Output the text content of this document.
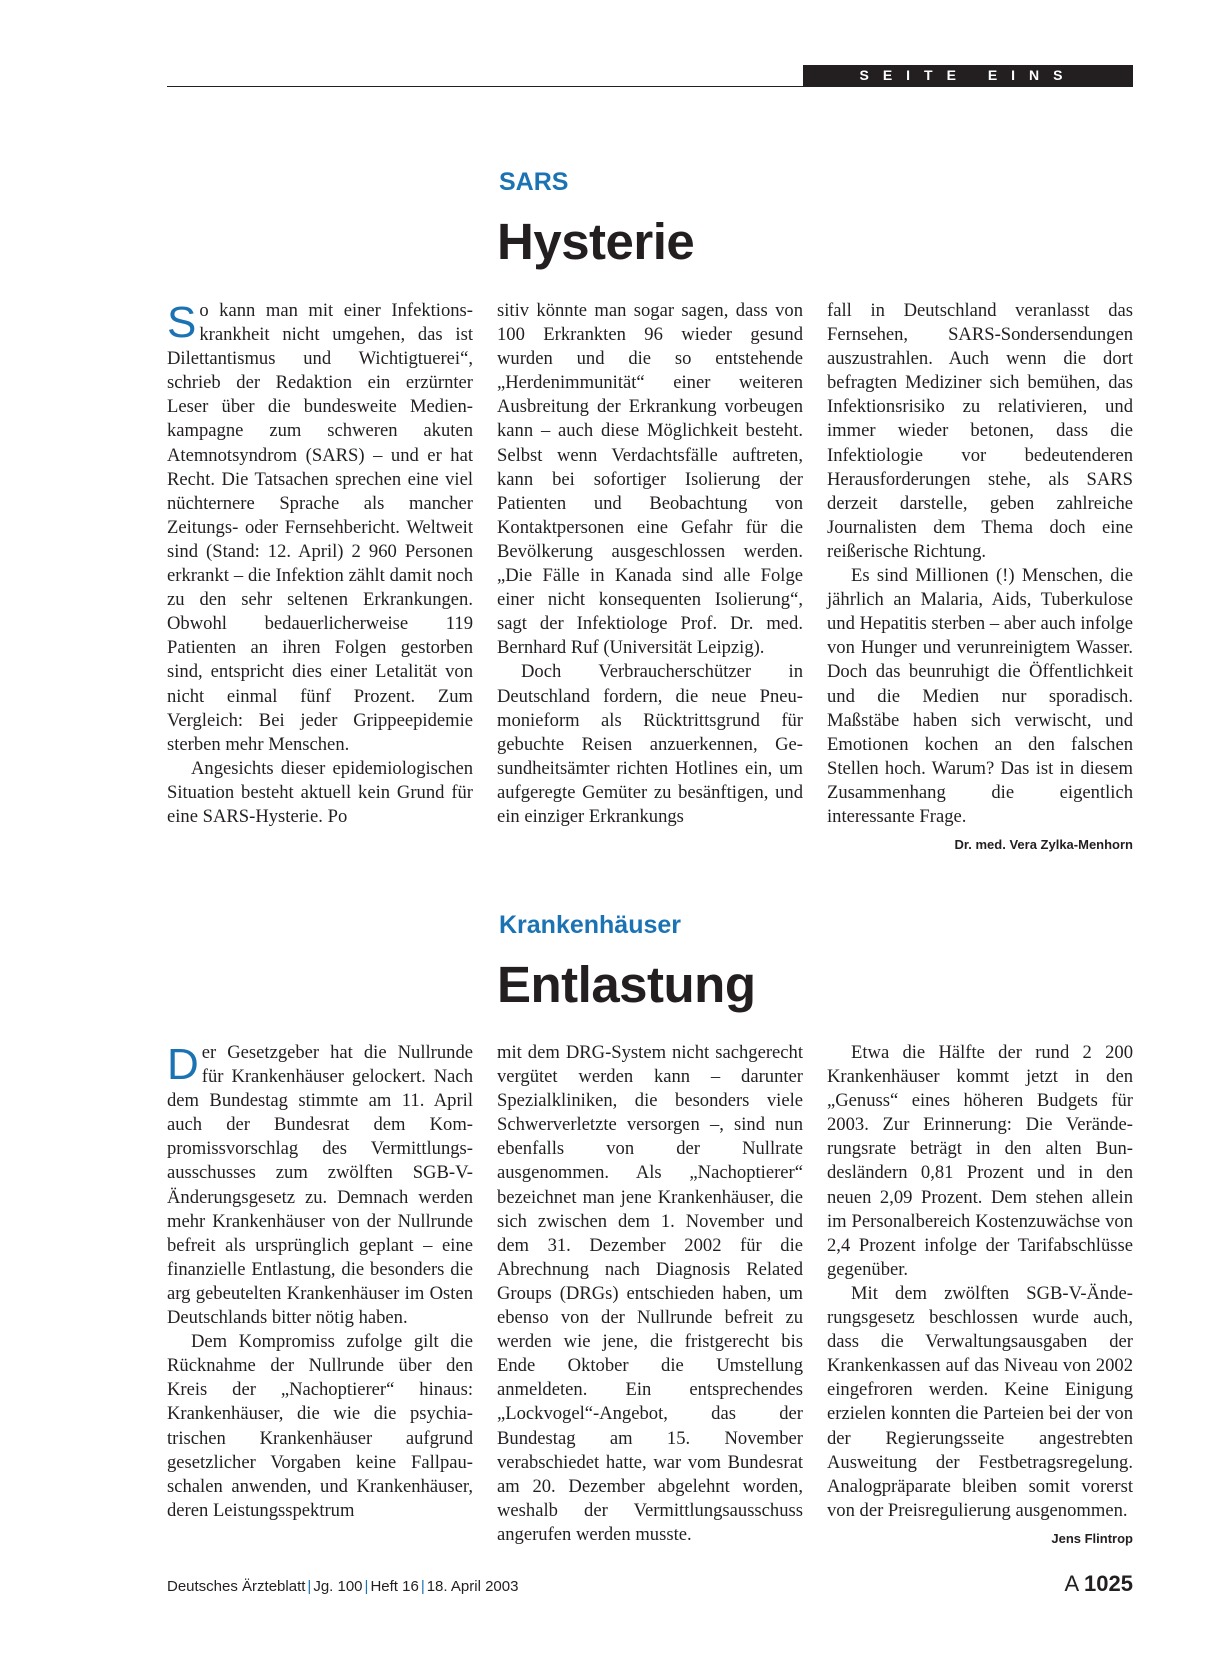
SEITE EINS
SARS
Hysterie

So kann man mit einer Infektionskrankheit nicht umgehen, das ist Dilettantismus und Wichtigtuerei“, schrieb der Redaktion ein erzürnter Leser über die bundesweite Medienkampagne zum schweren akuten Atemnotsyndrom (SARS) – und er hat Recht. Die Tatsachen sprechen eine viel nüchternere Sprache als mancher Zeitungs- oder Fernsehbericht. Weltweit sind (Stand: 12. April) 2 960 Personen erkrankt – die Infektion zählt damit noch zu den sehr seltenen Erkrankungen. Obwohl bedauerlicherweise 119 Patienten an ihren Folgen gestorben sind, entspricht dies einer Letalität von nicht einmal fünf Prozent. Zum Vergleich: Bei jeder Grippeepidemie sterben mehr Menschen.

Angesichts dieser epidemiologischen Situation besteht aktuell kein Grund für eine SARS-Hysterie. Po

sitiv könnte man sogar sagen, dass von 100 Erkrankten 96 wieder gesund wurden und die so entstehende „Herdenimmunität“ einer weiteren Ausbreitung der Erkrankung vorbeugen kann – auch diese Möglichkeit besteht. Selbst wenn Verdachtsfälle auftreten, kann bei sofortiger Isolierung der Patienten und Beobachtung von Kontaktpersonen eine Gefahr für die Bevölkerung ausgeschlossen werden. „Die Fälle in Kanada sind alle Folge einer nicht konsequenten Isolierung“, sagt der Infektiologe Prof. Dr. med. Bernhard Ruf (Universität Leipzig).

Doch Verbraucherschützer in Deutschland fordern, die neue Pneumonieform als Rücktrittsgrund für gebuchte Reisen anzuerkennen, Gesundheitsämter richten Hotlines ein, um aufgeregte Gemüter zu besänftigen, und ein einziger Erkrankungs

fall in Deutschland veranlasst das Fernsehen, SARS-Sondersendungen auszustrahlen. Auch wenn die dort befragten Mediziner sich bemühen, das Infektionsrisiko zu relativieren, und immer wieder betonen, dass die Infektiologie vor bedeutenderen Herausforderungen stehe, als SARS derzeit darstelle, geben zahlreiche Journalisten dem Thema doch eine reißerische Richtung.

Es sind Millionen (!) Menschen, die jährlich an Malaria, Aids, Tuberkulose und Hepatitis sterben – aber auch infolge von Hunger und verunreinigtem Wasser. Doch das beunruhigt die Öffentlichkeit und die Medien nur sporadisch. Maßstäbe haben sich verwischt, und Emotionen kochen an den falschen Stellen hoch. Warum? Das ist in diesem Zusammenhang die eigentlich interessante Frage.
Dr. med. Vera Zylka-Menhorn

Krankenhäuser
Entlastung

Der Gesetzgeber hat die Nullrunde für Krankenhäuser gelockert. Nach dem Bundestag stimmte am 11. April auch der Bundesrat dem Kompromissvorschlag des Vermittlungsausschusses zum zwölften SGB-V-Änderungsgesetz zu. Demnach werden mehr Krankenhäuser von der Nullrunde befreit als ursprünglich geplant – eine finanzielle Entlastung, die besonders die arg gebeutelten Krankenhäuser im Osten Deutschlands bitter nötig haben.

Dem Kompromiss zufolge gilt die Rücknahme der Nullrunde über den Kreis der „Nachoptierer“ hinaus: Krankenhäuser, die wie die psychiatrischen Krankenhäuser aufgrund gesetzlicher Vorgaben keine Fallpauschalen anwenden, und Krankenhäuser, deren Leistungsspektrum

mit dem DRG-System nicht sachgerecht vergütet werden kann – darunter Spezialkliniken, die besonders viele Schwerverletzte versorgen –, sind nun ebenfalls von der Nullrate ausgenommen. Als „Nachoptierer“ bezeichnet man jene Krankenhäuser, die sich zwischen dem 1. November und dem 31. Dezember 2002 für die Abrechnung nach Diagnosis Related Groups (DRGs) entschieden haben, um ebenso von der Nullrunde befreit zu werden wie jene, die fristgerecht bis Ende Oktober die Umstellung anmeldeten. Ein entsprechendes „Lockvogel“-Angebot, das der Bundestag am 15. November verabschiedet hatte, war vom Bundesrat am 20. Dezember abgelehnt worden, weshalb der Vermittlungsausschuss angerufen werden musste.

Etwa die Hälfte der rund 2 200 Krankenhäuser kommt jetzt in den „Genuss“ eines höheren Budgets für 2003. Zur Erinnerung: Die Veränderungsrate beträgt in den alten Bundesländern 0,81 Prozent und in den neuen 2,09 Prozent. Dem stehen allein im Personalbereich Kostenzuwächse von 2,4 Prozent infolge der Tarifabschlüsse gegenüber.

Mit dem zwölften SGB-V-Änderungsgesetz beschlossen wurde auch, dass die Verwaltungsausgaben der Krankenkassen auf das Niveau von 2002 eingefroren werden. Keine Einigung erzielen konnten die Parteien bei der von der Regierungsseite angestrebten Ausweitung der Festbetragsregelung. Analogpräparate bleiben somit vorerst von der Preisregulierung ausgenommen.
Jens Flintrop

Deutsches Ärzteblatt | Jg. 100 | Heft 16 | 18. April 2003	A 1025
